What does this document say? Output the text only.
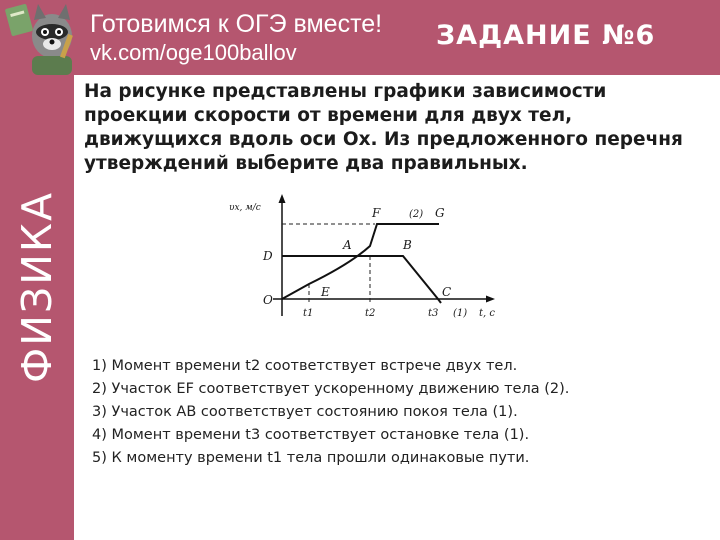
Готовимся к ОГЭ вместе!
vk.com/oge100ballov
ЗАДАНИЕ №6
ФИЗИКА

На рисунке представлены графики зависимости проекции скорости от времени для двух тел, движущихся вдоль оси Ох. Из предложенного перечня утверждений выберите два правильных.

υx, м/с
t, с
O
D
A
F	G
B
E	C
(2)
(1)
t1	t2	t3
1) Момент времени t2 соответствует встрече двух тел.
2) Участок EF соответствует ускоренному движению тела (2).
3) Участок АВ соответствует состоянию покоя тела (1).
4) Момент времени t3 соответствует остановке тела (1).
5) К моменту времени t1 тела прошли одинаковые пути.
